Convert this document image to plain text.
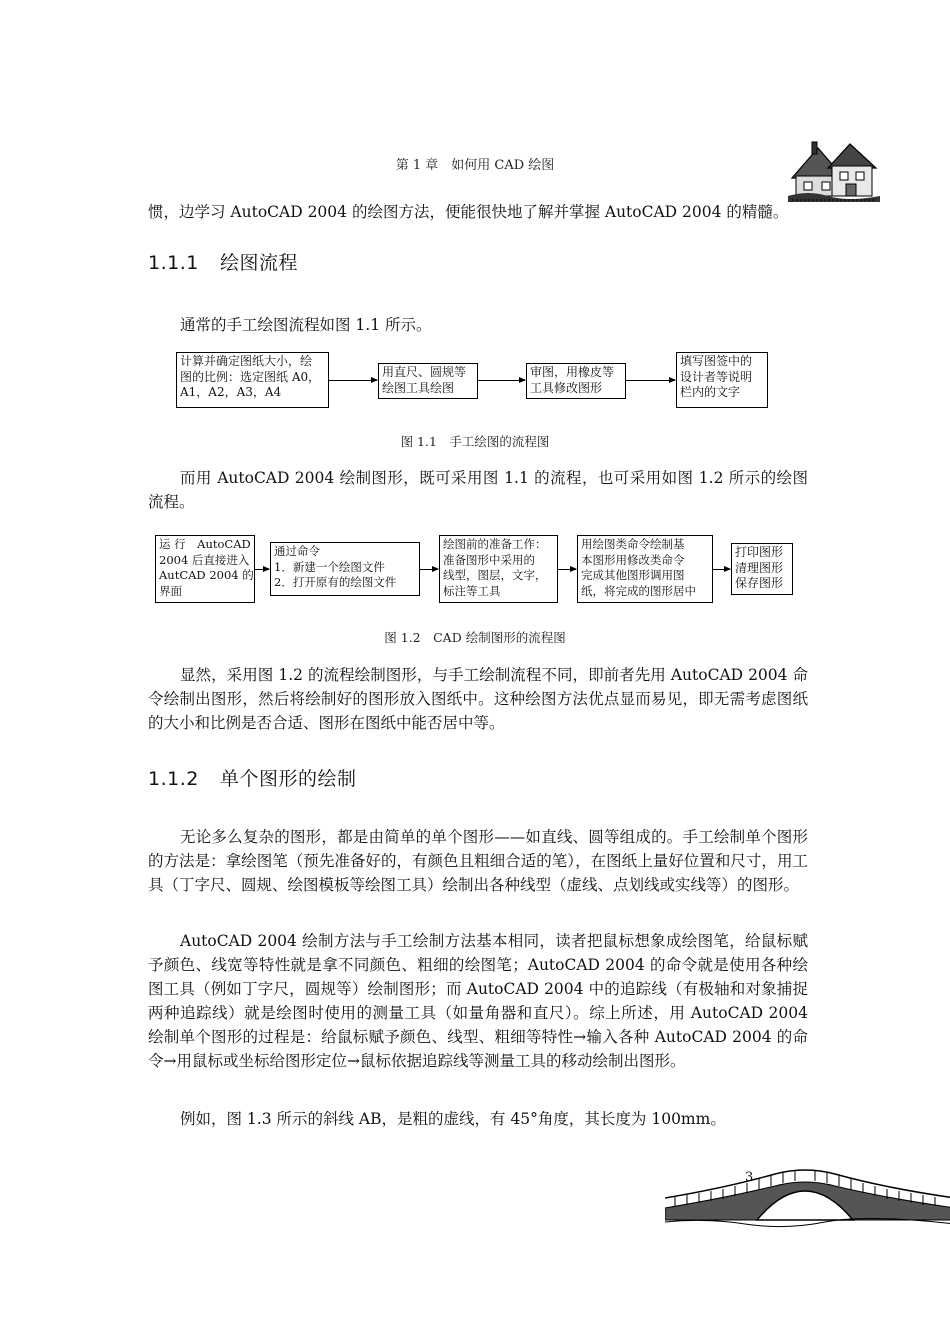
第 1 章　如何用 CAD 绘图
惯，边学习 AutoCAD 2004 的绘图方法，便能很快地了解并掌握 AutoCAD 2004 的精髓。
1.1.1 绘图流程
通常的手工绘图流程如图 1.1 所示。
计算并确定图纸大小，绘
图的比例：选定图纸 A0，
A1，A2，A3，A4
用直尺、圆规等
绘图工具绘图
审图，用橡皮等
工具修改图形
填写图签中的
设计者等说明
栏内的文字
图 1.1　手工绘图的流程图
而用 AutoCAD 2004 绘制图形，既可采用图 1.1 的流程，也可采用如图 1.2 所示的绘图流程。
运 行　AutoCAD
2004 后直接进入
AutCAD 2004 的
界面
通过命令
1．新建一个绘图文件
2．打开原有的绘图文件
绘图前的准备工作：
准备图形中采用的
线型，图层，文字，
标注等工具
用绘图类命令绘制基
本图形用修改类命令
完成其他图形调用图
纸，将完成的图形居中
打印图形
清理图形
保存图形
图 1.2　CAD 绘制图形的流程图
显然，采用图 1.2 的流程绘制图形，与手工绘制流程不同，即前者先用 AutoCAD 2004 命令绘制出图形，然后将绘制好的图形放入图纸中。这种绘图方法优点显而易见，即无需考虑图纸的大小和比例是否合适、图形在图纸中能否居中等。
1.1.2 单个图形的绘制
无论多么复杂的图形，都是由简单的单个图形——如直线、圆等组成的。手工绘制单个图形的方法是：拿绘图笔（预先准备好的，有颜色且粗细合适的笔），在图纸上量好位置和尺寸，用工具（丁字尺、圆规、绘图模板等绘图工具）绘制出各种线型（虚线、点划线或实线等）的图形。
AutoCAD 2004 绘制方法与手工绘制方法基本相同，读者把鼠标想象成绘图笔，给鼠标赋予颜色、线宽等特性就是拿不同颜色、粗细的绘图笔；AutoCAD 2004 的命令就是使用各种绘图工具（例如丁字尺，圆规等）绘制图形；而 AutoCAD 2004 中的追踪线（有极轴和对象捕捉两种追踪线）就是绘图时使用的测量工具（如量角器和直尺）。综上所述，用 AutoCAD 2004 绘制单个图形的过程是：给鼠标赋予颜色、线型、粗细等特性→输入各种 AutoCAD 2004 的命令→用鼠标或坐标给图形定位→鼠标依据追踪线等测量工具的移动绘制出图形。
例如，图 1.3 所示的斜线 AB，是粗的虚线，有 45°角度，其长度为 100mm。
3
